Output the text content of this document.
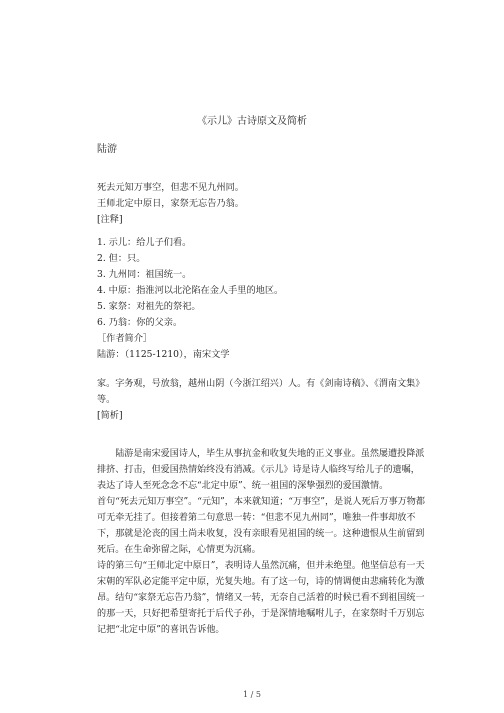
《示儿》古诗原文及简析
陆游
死去元知万事空，但悲不见九州同。
王师北定中原日，家祭无忘告乃翁。
[注释]
1. 示儿：给儿子们看。
2. 但：只。
3. 九州同：祖国统一。
4. 中原：指淮河以北沦陷在金人手里的地区。
5. 家祭：对祖先的祭祀。
6. 乃翁：你的父亲。
［作者简介］
陆游：（1125-1210），南宋文学
家。字务观，号放翁，越州山阴（今浙江绍兴）人。有《剑南诗稿》、《渭南文集》等。
[简析]
陆游是南宋爱国诗人，毕生从事抗金和收复失地的正义事业。虽然屡遭投降派排挤、打击，但爱国热情始终没有消减。《示儿》诗是诗人临终写给儿子的遗嘱，表达了诗人至死念念不忘“北定中原”、统一祖国的深挚强烈的爱国激情。
首句“死去元知万事空”。“元知”，本来就知道；“万事空”，是说人死后万事万物都可无牵无挂了。但接着第二句意思一转：“但悲不见九州同”，唯独一件事却放不下，那就是沦丧的国土尚未收复，没有亲眼看见祖国的统一。这种遗恨从生前留到死后。在生命弥留之际，心情更为沉痛。
诗的第三句“王师北定中原日”，表明诗人虽然沉痛，但并未绝望。他坚信总有一天宋朝的军队必定能平定中原，光复失地。有了这一句，诗的情调便由悲痛转化为激昂。结句“家祭无忘告乃翁”，情绪又一转，无奈自己活着的时候已看不到祖国统一的那一天，只好把希望寄托于后代子孙，于是深情地嘱咐儿子，在家祭时千万别忘记把“北定中原”的喜讯告诉他。
1 / 5
